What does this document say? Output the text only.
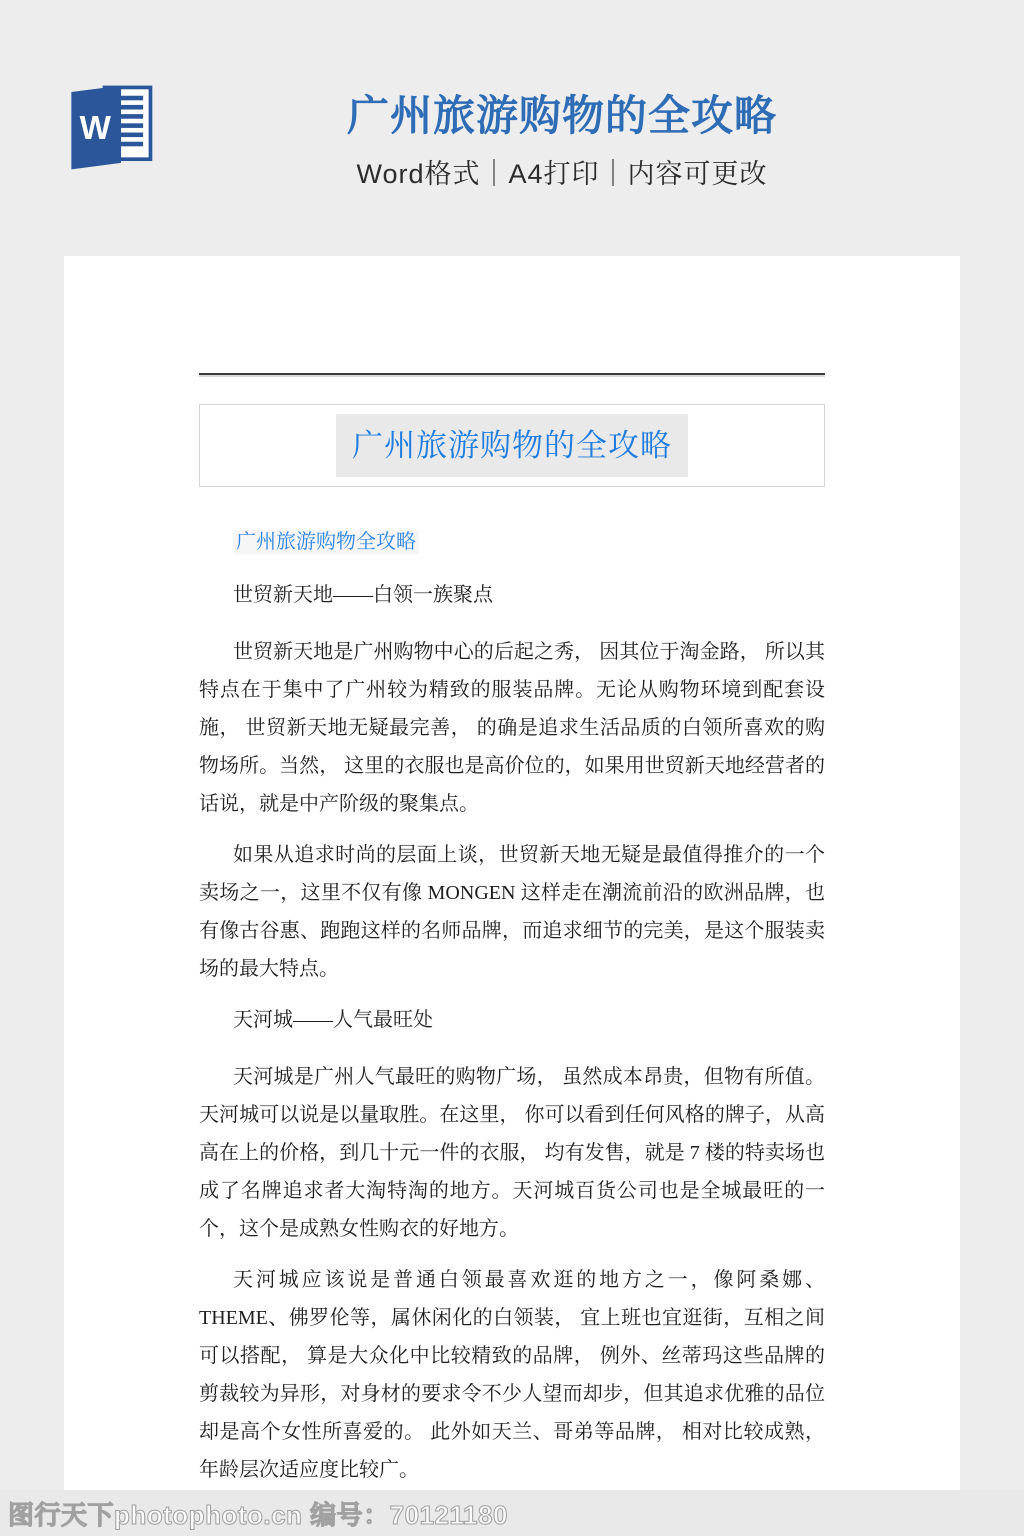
W	广州旅游购物的全攻略
Word格式｜A4打印｜内容可更改
广州旅游购物的全攻略

广州旅游购物全攻略

世贸新天地——白领一族聚点

世贸新天地是广州购物中心的后起之秀， 因其位于淘金路， 所以其特点在于集中了广州较为精致的服装品牌。无论从购物环境到配套设施， 世贸新天地无疑最完善， 的确是追求生活品质的白领所喜欢的购物场所。当然， 这里的衣服也是高价位的，如果用世贸新天地经营者的话说，就是中产阶级的聚集点。

如果从追求时尚的层面上谈，世贸新天地无疑是最值得推介的一个卖场之一，这里不仅有像 MONGEN 这样走在潮流前沿的欧洲品牌，也有像古谷惠、跑跑这样的名师品牌，而追求细节的完美，是这个服装卖场的最大特点。

天河城——人气最旺处

天河城是广州人气最旺的购物广场， 虽然成本昂贵，但物有所值。天河城可以说是以量取胜。在这里， 你可以看到任何风格的牌子，从高高在上的价格，到几十元一件的衣服， 均有发售，就是 7 楼的特卖场也成了名牌追求者大淘特淘的地方。天河城百货公司也是全城最旺的一个，这个是成熟女性购衣的好地方。

天河城应该说是普通白领最喜欢逛的地方之一，像阿桑娜、 THEME、佛罗伦等，属休闲化的白领装， 宜上班也宜逛街，互相之间可以搭配， 算是大众化中比较精致的品牌， 例外、丝蒂玛这些品牌的剪裁较为异形，对身材的要求令不少人望而却步，但其追求优雅的品位却是高个女性所喜爱的。 此外如天兰、哥弟等品牌， 相对比较成熟，年龄层次适应度比较广。

图行天下photophoto.cn 编号：70121180
